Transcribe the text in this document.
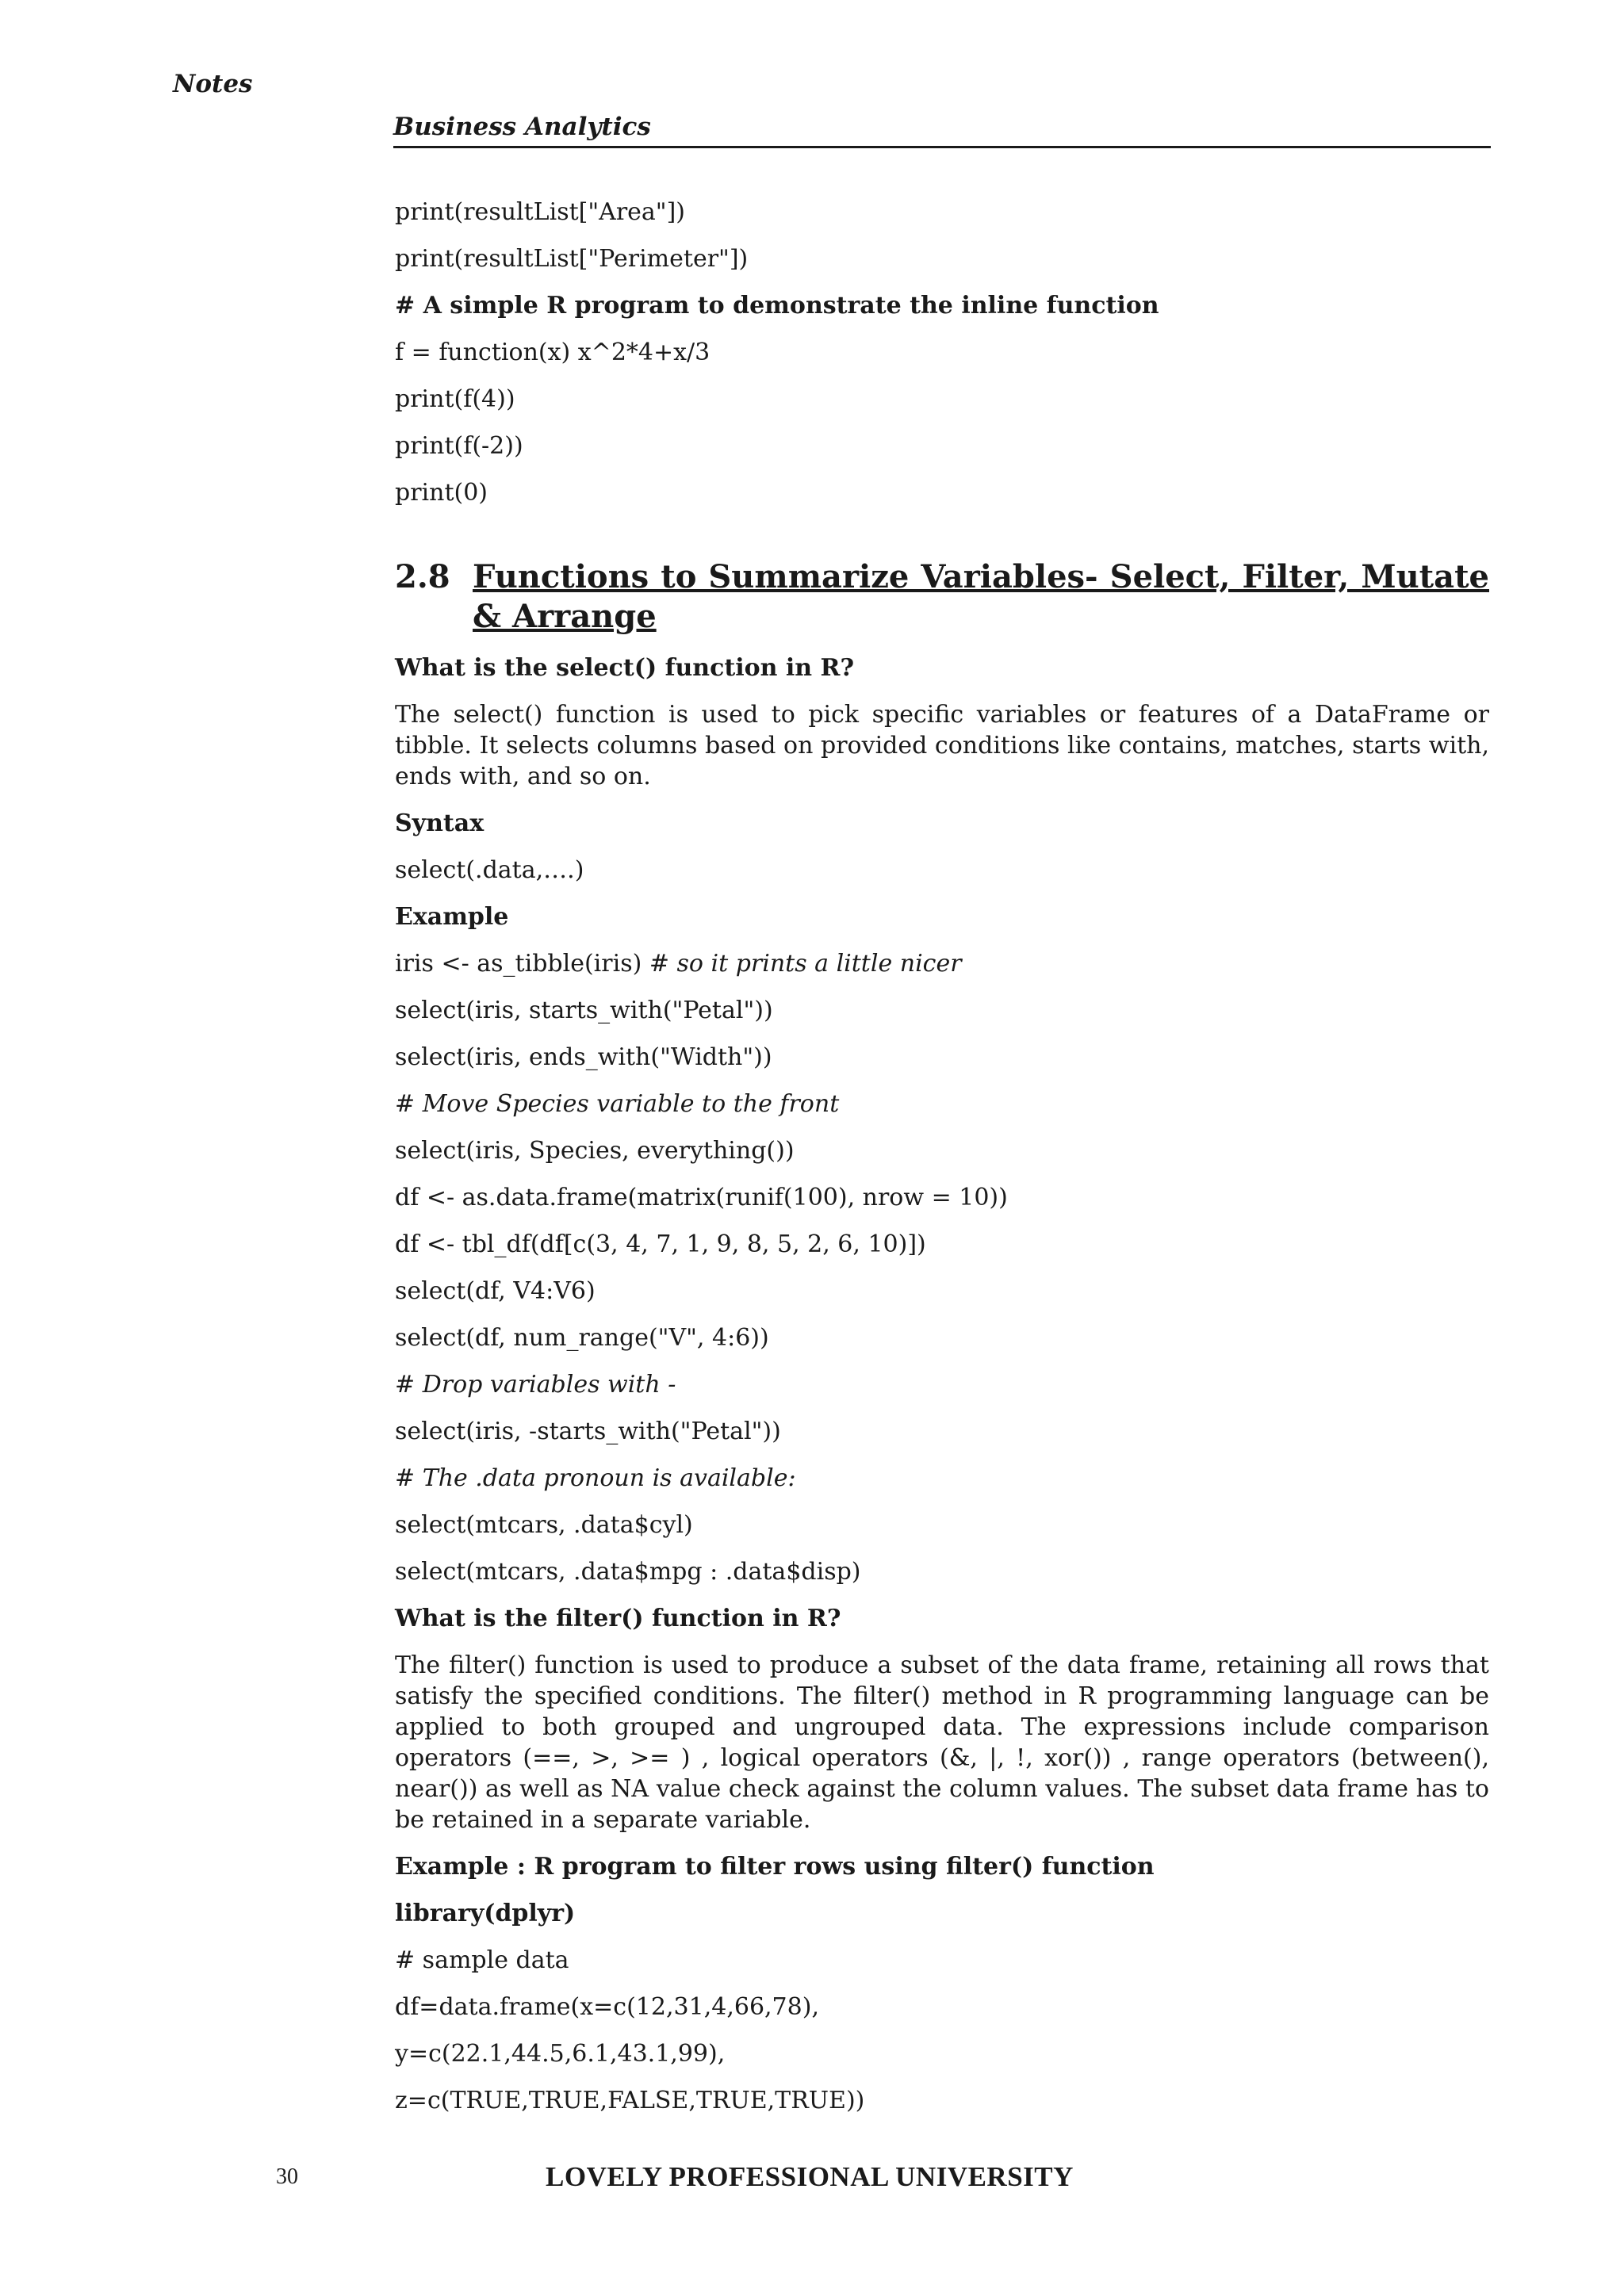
Notes
Business Analytics
print(resultList["Area"])
print(resultList["Perimeter"])
# A simple R program to demonstrate the inline function
f = function(x) x^2*4+x/3
print(f(4))
print(f(-2))
print(0)
2.8 Functions to Summarize Variables- Select, Filter, Mutate & Arrange
What is the select() function in R?
The select() function is used to pick specific variables or features of a DataFrame or tibble. It selects columns based on provided conditions like contains, matches, starts with, ends with, and so on.
Syntax
select(.data,….)
Example
iris <- as_tibble(iris) # so it prints a little nicer
select(iris, starts_with("Petal"))
select(iris, ends_with("Width"))
# Move Species variable to the front
select(iris, Species, everything())
df <- as.data.frame(matrix(runif(100), nrow = 10))
df <- tbl_df(df[c(3, 4, 7, 1, 9, 8, 5, 2, 6, 10)])
select(df, V4:V6)
select(df, num_range("V", 4:6))
# Drop variables with -
select(iris, -starts_with("Petal"))
# The .data pronoun is available:
select(mtcars, .data$cyl)
select(mtcars, .data$mpg : .data$disp)
What is the filter() function in R?
The filter() function is used to produce a subset of the data frame, retaining all rows that satisfy the specified conditions. The filter() method in R programming language can be applied to both grouped and ungrouped data. The expressions include comparison operators (==, >, >= ) , logical operators (&, |, !, xor()) , range operators (between(), near()) as well as NA value check against the column values. The subset data frame has to be retained in a separate variable.
Example : R program to filter rows using filter() function
library(dplyr)
# sample data
df=data.frame(x=c(12,31,4,66,78),
y=c(22.1,44.5,6.1,43.1,99),
z=c(TRUE,TRUE,FALSE,TRUE,TRUE))
30	LOVELY PROFESSIONAL UNIVERSITY
